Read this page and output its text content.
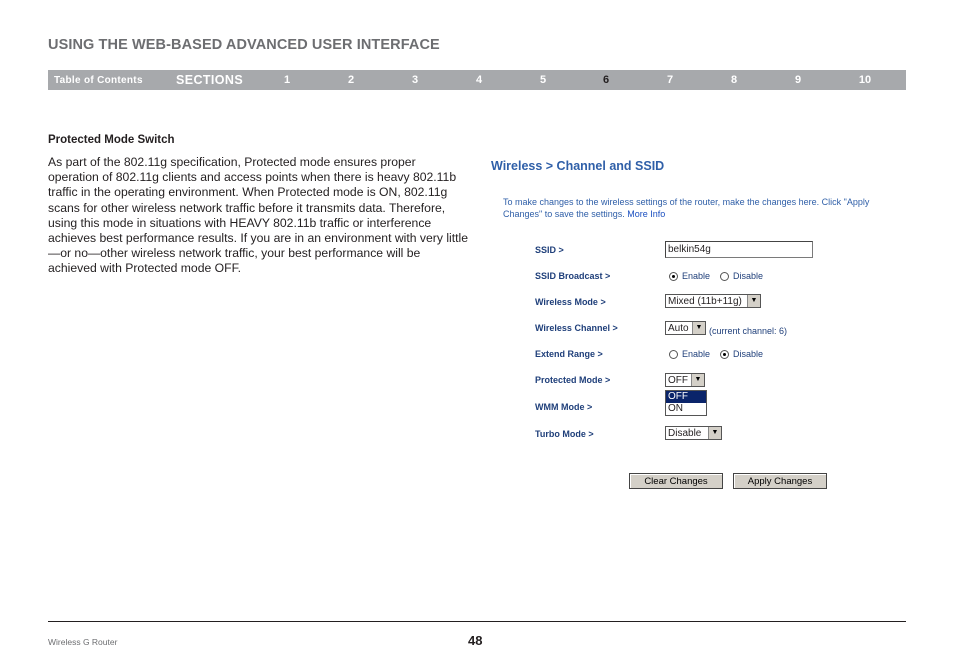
USING THE WEB-BASED ADVANCED USER INTERFACE
Table of Contents	SECTIONS	1	2	3	4	5	6	7	8	9	10
Protected Mode Switch
As part of the 802.11g specification, Protected mode ensures proper operation of 802.11g clients and access points when there is heavy 802.11b traffic in the operating environment. When Protected mode is ON, 802.11g scans for other wireless network traffic before it transmits data. Therefore, using this mode in situations with HEAVY 802.11b traffic or interference achieves best performance results. If you are in an environment with very little—or no—other wireless network traffic, your best performance will be achieved with Protected mode OFF.
Wireless > Channel and SSID
To make changes to the wireless settings of the router, make the changes here. Click "Apply Changes" to save the settings. More Info
SSID >	belkin54g
SSID Broadcast >	Enable	Disable
Wireless Mode >	Mixed (11b+11g)	▼
Wireless Channel >	Auto ▼ (current channel: 6)
Extend Range >	Enable	Disable
Protected Mode >	OFF ▼
OFF
ON
WMM Mode >
Turbo Mode >	Disable	▼
Clear Changes	Apply Changes
Wireless G Router	48
